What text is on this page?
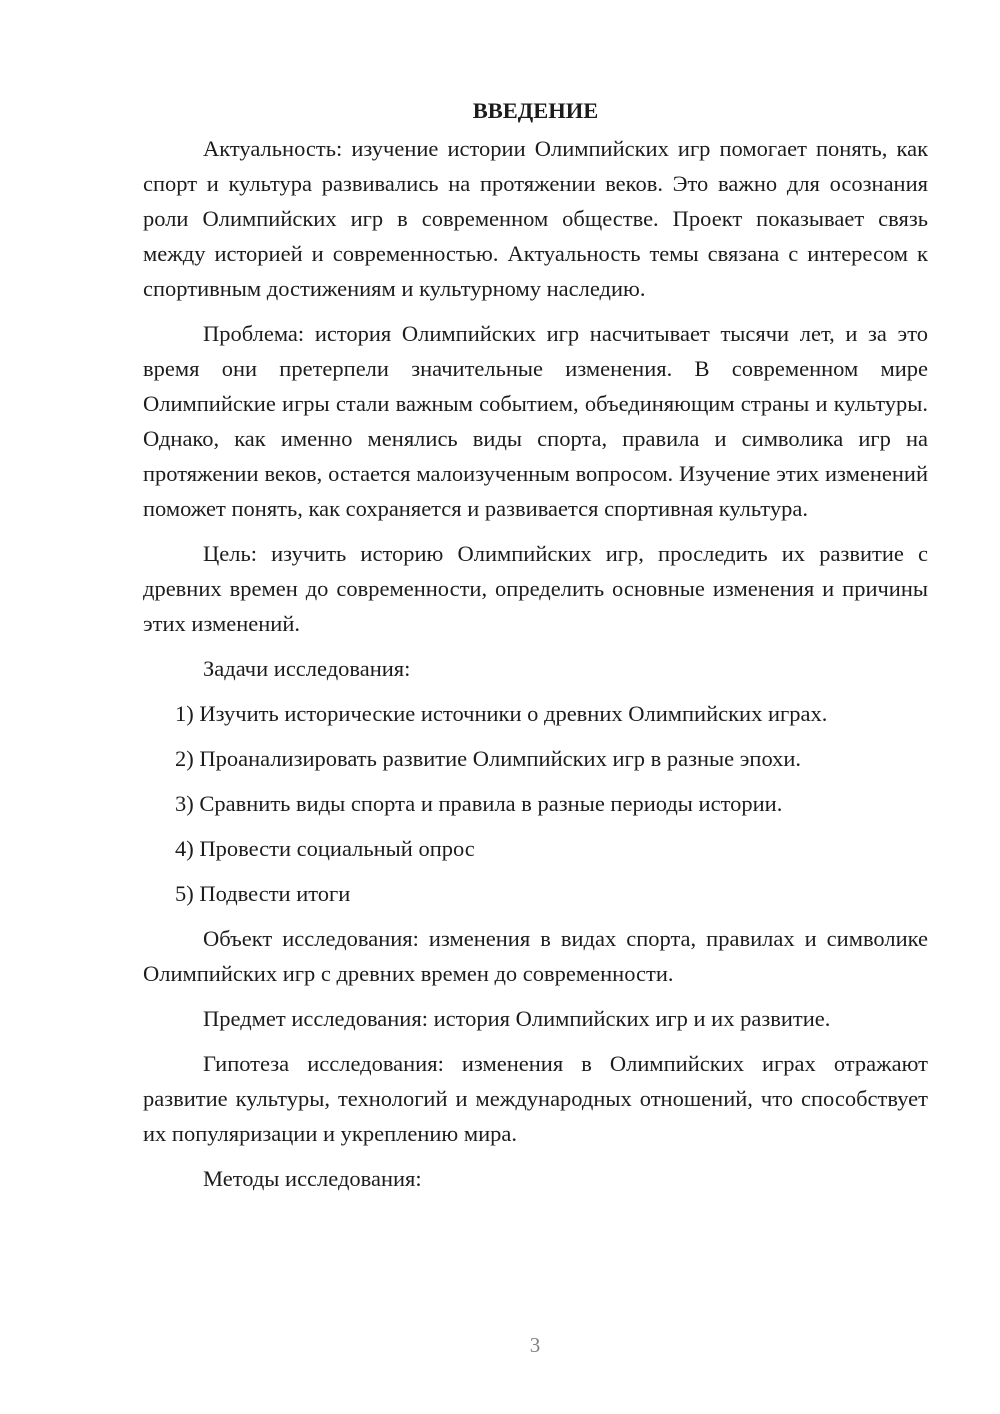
ВВЕДЕНИЕ

Актуальность: изучение истории Олимпийских игр помогает понять, как спорт и культура развивались на протяжении веков. Это важно для осознания роли Олимпийских игр в современном обществе. Проект показывает связь между историей и современностью. Актуальность темы связана с интересом к спортивным достижениям и культурному наследию.

Проблема: история Олимпийских игр насчитывает тысячи лет, и за это время они претерпели значительные изменения. В современном мире Олимпийские игры стали важным событием, объединяющим страны и культуры. Однако, как именно менялись виды спорта, правила и символика игр на протяжении веков, остается малоизученным вопросом. Изучение этих изменений поможет понять, как сохраняется и развивается спортивная культура.

Цель: изучить историю Олимпийских игр, проследить их развитие с древних времен до современности, определить основные изменения и причины этих изменений.

Задачи исследования:

1) Изучить исторические источники о древних Олимпийских играх.

2) Проанализировать развитие Олимпийских игр в разные эпохи.

3) Сравнить виды спорта и правила в разные периоды истории.

4) Провести социальный опрос

5) Подвести итоги

Объект исследования: изменения в видах спорта, правилах и символике Олимпийских игр с древних времен до современности.

Предмет исследования: история Олимпийских игр и их развитие.

Гипотеза исследования: изменения в Олимпийских играх отражают развитие культуры, технологий и международных отношений, что способствует их популяризации и укреплению мира.

Методы исследования:

3
